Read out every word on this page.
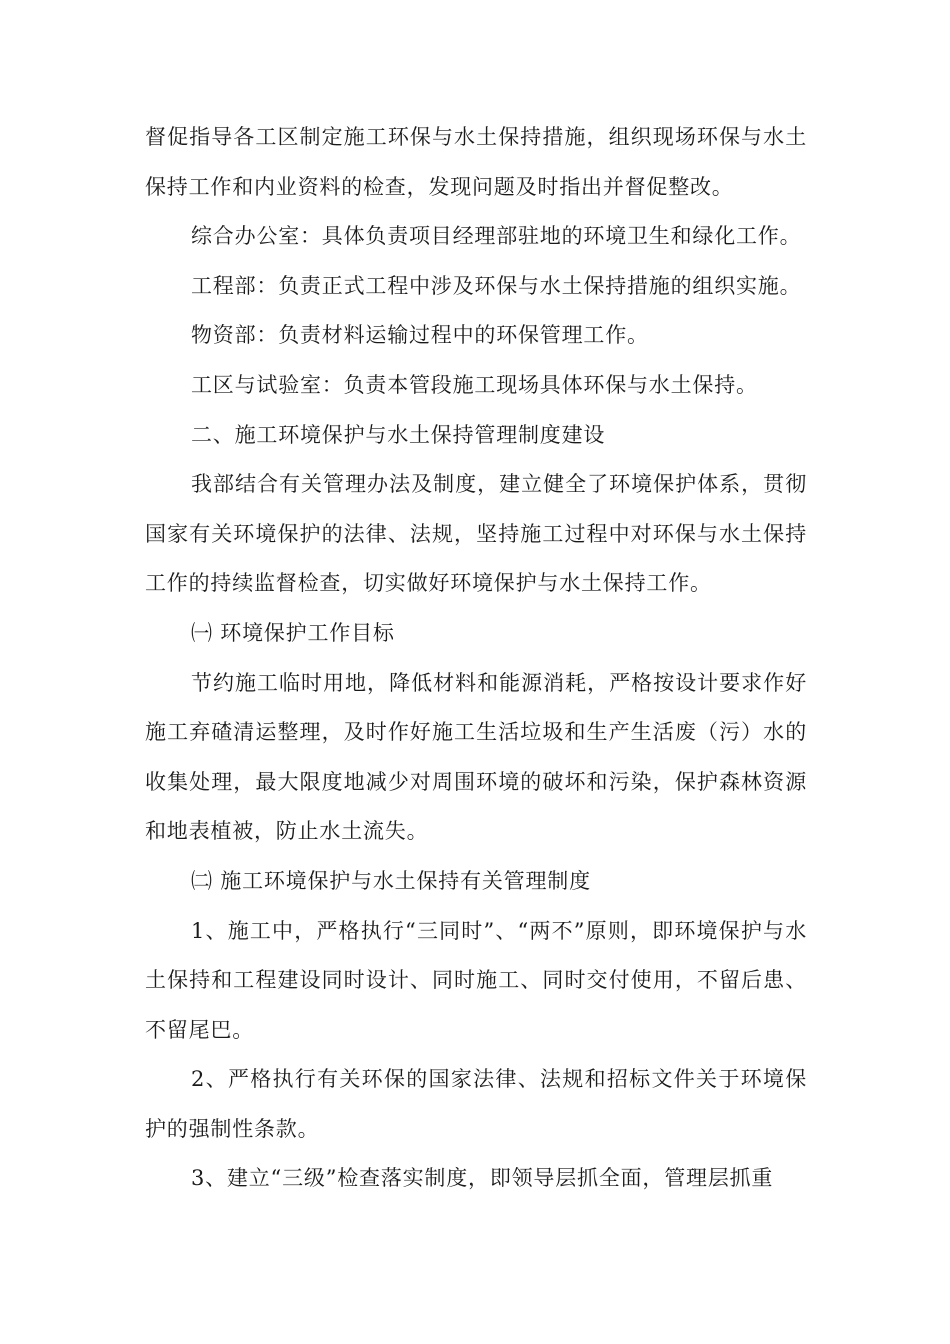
督促指导各工区制定施工环保与水土保持措施，组织现场环保与水土保持工作和内业资料的检查，发现问题及时指出并督促整改。

综合办公室：具体负责项目经理部驻地的环境卫生和绿化工作。

工程部：负责正式工程中涉及环保与水土保持措施的组织实施。

物资部：负责材料运输过程中的环保管理工作。

工区与试验室：负责本管段施工现场具体环保与水土保持。

二、施工环境保护与水土保持管理制度建设

我部结合有关管理办法及制度，建立健全了环境保护体系，贯彻国家有关环境保护的法律、法规，坚持施工过程中对环保与水土保持工作的持续监督检查，切实做好环境保护与水土保持工作。

㈠ 环境保护工作目标

节约施工临时用地，降低材料和能源消耗，严格按设计要求作好施工弃碴清运整理，及时作好施工生活垃圾和生产生活废（污）水的收集处理，最大限度地减少对周围环境的破坏和污染，保护森林资源和地表植被，防止水土流失。

㈡ 施工环境保护与水土保持有关管理制度

1、施工中，严格执行“三同时”、“两不”原则，即环境保护与水土保持和工程建设同时设计、同时施工、同时交付使用，不留后患、不留尾巴。

2、严格执行有关环保的国家法律、法规和招标文件关于环境保护的强制性条款。

3、建立“三级”检查落实制度，即领导层抓全面，管理层抓重
